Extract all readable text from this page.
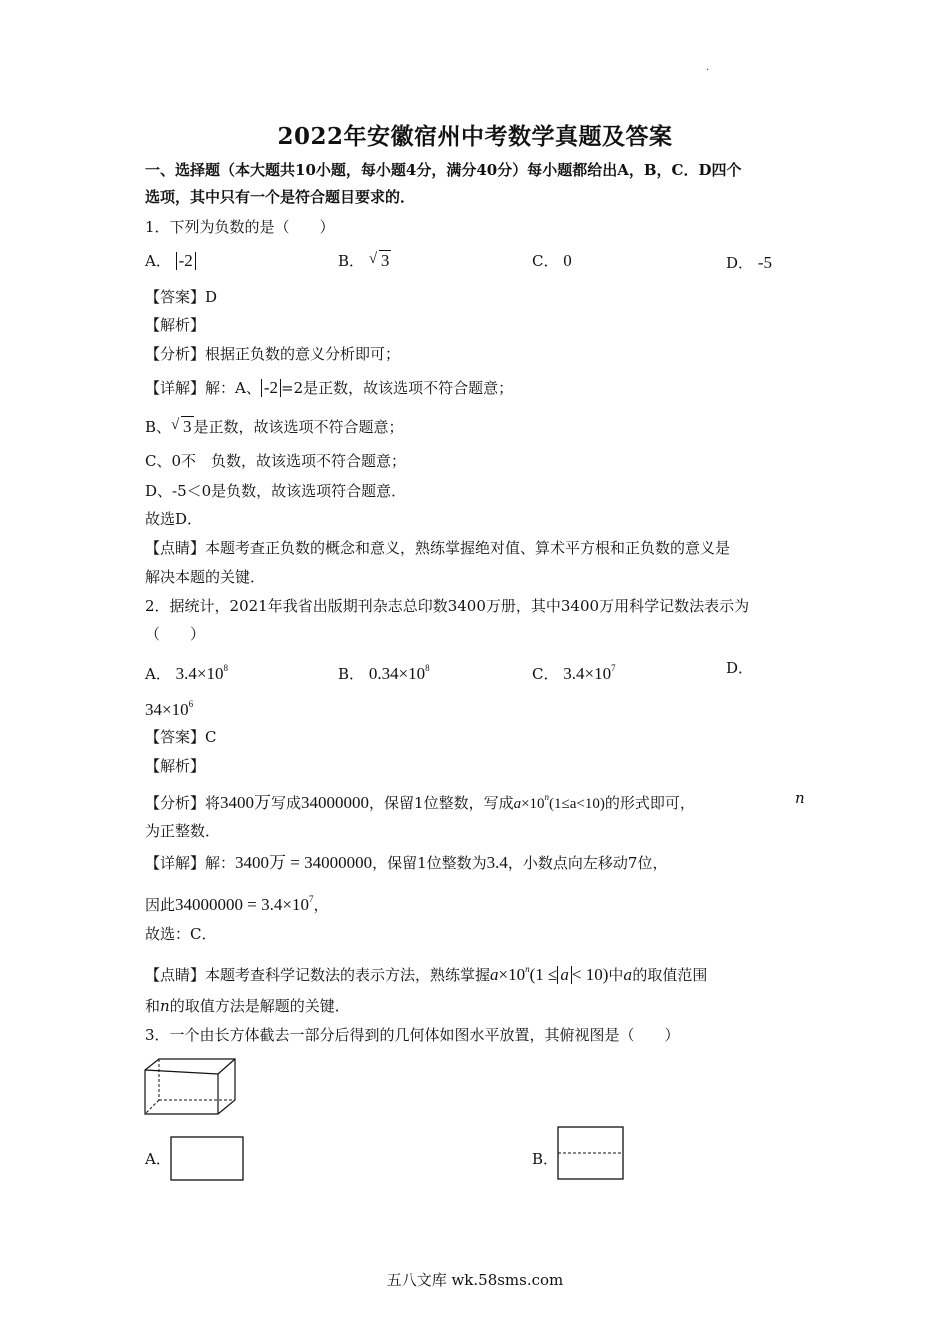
.
2022年安徽宿州中考数学真题及答案
一、选择题（本大题共10小题，每小题4分，满分40分）每小题都给出A，B，C．D四个
选项，其中只有一个是符合题目要求的．
1．下列为负数的是（　　）
A． -2	B． √ 3	C． 0	D． -5
【答案】D
【解析】
【分析】根据正负数的意义分析即可；
【详解】解：A、 -2 =2是正数，故该选项不符合题意；
B、 √ 3 是正数，故该选项不符合题意；
C、0不　负数，故该选项不符合题意；
D、-5＜0是负数，故该选项符合题意．
故选D．
【点睛】本题考查正负数的概念和意义，熟练掌握绝对值、算术平方根和正负数的意义是
解决本题的关键．
2．据统计，2021年我省出版期刊杂志总印数3400万册，其中3400万用科学记数法表示为
（　　）
A． $3.4\times 10^8$	B． $0.34\times 10^8$	C． $3.4\times 10^7$	D．
$34\times 10^6$
【答案】C
【解析】
【分析】将3400万写成34000000，保留1位整数，写成$a\times 10^n(1\le a<10)$的形式即可，	n
为正整数．
【详解】解：3400万 = 34000000，保留1位整数为3.4，小数点向左移动7位，
因此$34000000 = 3.4\times 10^7$，
故选：C．
【点睛】本题考查科学记数法的表示方法，熟练掌握$a\times 10^n(1 \le a < 10)$中a的取值范围
和n的取值方法是解题的关键．
3．一个由长方体截去一部分后得到的几何体如图水平放置，其俯视图是（　　）
A．	B．
五八文库 wk.58sms.com
